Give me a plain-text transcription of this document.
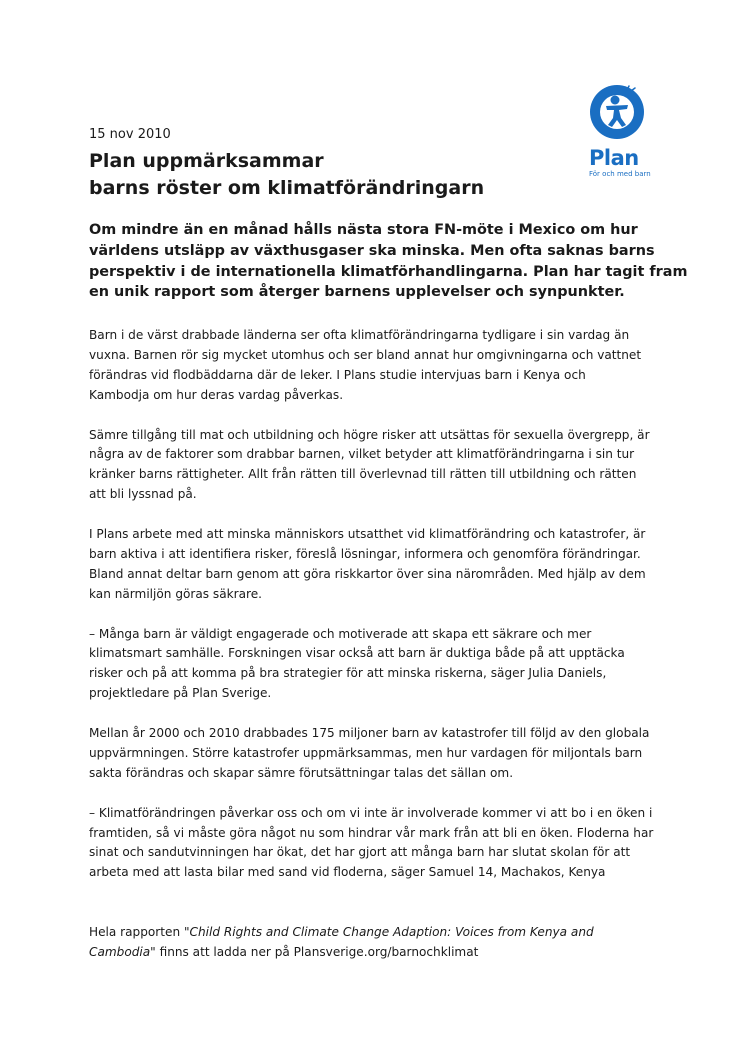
Plan
För och med barn
15 nov 2010
Plan uppmärksammar
barns röster om klimatförändringarn

Om mindre än en månad hålls nästa stora FN-möte i Mexico om hur
världens utsläpp av växthusgaser ska minska. Men ofta saknas barns
perspektiv i de internationella klimatförhandlingarna. Plan har tagit fram
en unik rapport som återger barnens upplevelser och synpunkter.

Barn i de värst drabbade länderna ser ofta klimatförändringarna tydligare i sin vardag än
vuxna. Barnen rör sig mycket utomhus och ser bland annat hur omgivningarna och vattnet
förändras vid flodbäddarna där de leker. I Plans studie intervjuas barn i Kenya och
Kambodja om hur deras vardag påverkas.

Sämre tillgång till mat och utbildning och högre risker att utsättas för sexuella övergrepp, är
några av de faktorer som drabbar barnen, vilket betyder att klimatförändringarna i sin tur
kränker barns rättigheter. Allt från rätten till överlevnad till rätten till utbildning och rätten
att bli lyssnad på.

I Plans arbete med att minska människors utsatthet vid klimatförändring och katastrofer, är
barn aktiva i att identifiera risker, föreslå lösningar, informera och genomföra förändringar.
Bland annat deltar barn genom att göra riskkartor över sina närområden. Med hjälp av dem
kan närmiljön göras säkrare.

– Många barn är väldigt engagerade och motiverade att skapa ett säkrare och mer
klimatsmart samhälle. Forskningen visar också att barn är duktiga både på att upptäcka
risker och på att komma på bra strategier för att minska riskerna, säger Julia Daniels,
projektledare på Plan Sverige.

Mellan år 2000 och 2010 drabbades 175 miljoner barn av katastrofer till följd av den globala
uppvärmningen. Större katastrofer uppmärksammas, men hur vardagen för miljontals barn
sakta förändras och skapar sämre förutsättningar talas det sällan om.

– Klimatförändringen påverkar oss och om vi inte är involverade kommer vi att bo i en öken i
framtiden, så vi måste göra något nu som hindrar vår mark från att bli en öken. Floderna har
sinat och sandutvinningen har ökat, det har gjort att många barn har slutat skolan för att
arbeta med att lasta bilar med sand vid floderna, säger Samuel 14, Machakos, Kenya

Hela rapporten "Child Rights and Climate Change Adaption: Voices from Kenya and
Cambodia" finns att ladda ner på Plansverige.org/barnochklimat
